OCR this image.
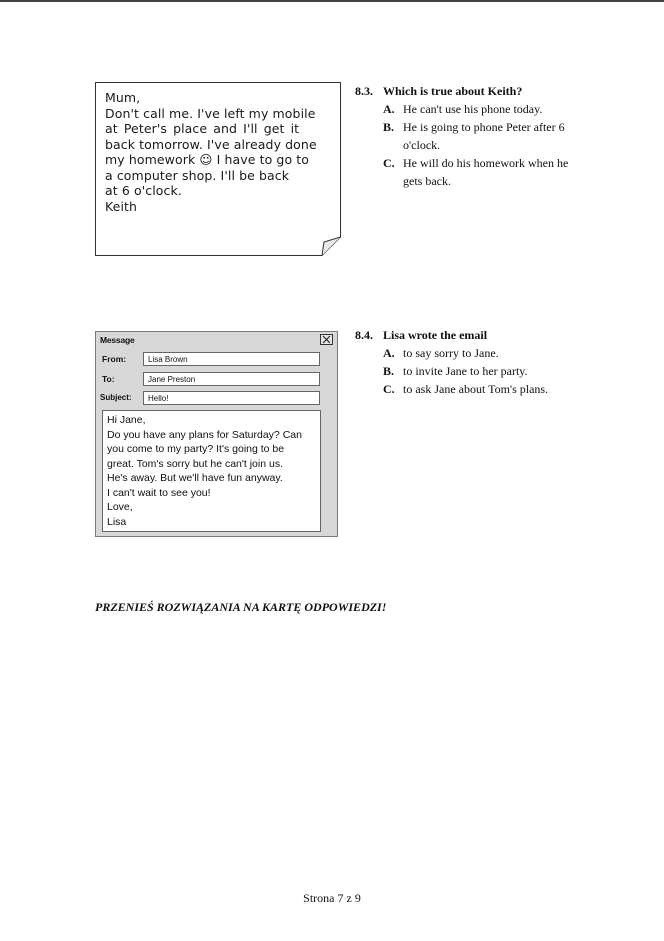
Mum,
Don't call me. I've left my mobile
at Peter's place and I'll get it
back tomorrow. I've already done
my homework ☺ I have to go to
a computer shop. I'll be back
at 6 o'clock.
Keith
8.3. Which is true about Keith?
A. He can't use his phone today.
B. He is going to phone Peter after 6 o'clock.
C. He will do his homework when he gets back.
Message
From:	Lisa Brown
To:	Jane Preston
Subject:	Hello!
Hi Jane,
Do you have any plans for Saturday? Can
you come to my party? It's going to be
great. Tom's sorry but he can't join us.
He's away. But we'll have fun anyway.
I can't wait to see you!
Love,
Lisa
8.4. Lisa wrote the email
A. to say sorry to Jane.
B. to invite Jane to her party.
C. to ask Jane about Tom's plans.
PRZENIEŚ ROZWIĄZANIA NA KARTĘ ODPOWIEDZI!
Strona 7 z 9
